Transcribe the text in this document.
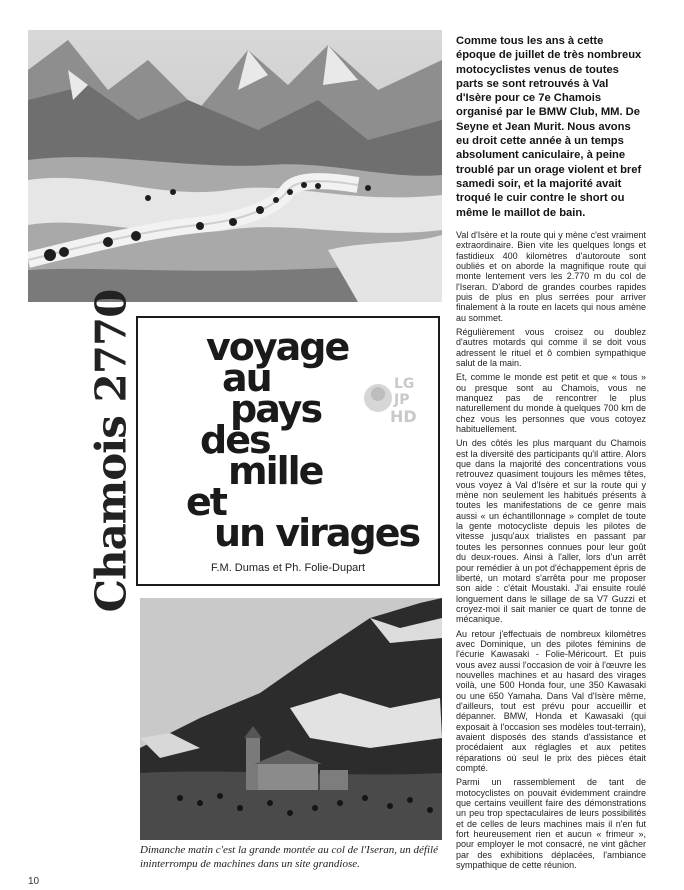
Chamois 2770 voyage
au
pays
des
mille
et
un virages
LG
JP
HD
F.M. Dumas et Ph. Folie-Dupart
Dimanche matin c'est la grande montée au col de l'Iseran, un défilé ininterrompu de machines dans un site grandiose.
10

Comme tous les ans à cette époque de juillet de très nombreux motocyclistes venus de toutes parts se sont retrouvés à Val d'Isère pour ce 7e Chamois organisé par le BMW Club, MM. De Seyne et Jean Murit. Nous avons eu droit cette année à un temps absolument caniculaire, à peine troublé par un orage violent et bref samedi soir, et la majorité avait troqué le cuir contre le short ou même le maillot de bain.

Val d'Isère et la route qui y mène c'est vraiment extraordinaire. Bien vite les quelques longs et fastidieux 400 kilomètres d'autoroute sont oubliés et on aborde la magnifique route qui monte lentement vers les 2.770 m du col de l'Iseran. D'abord de grandes courbes rapides puis de plus en plus serrées pour arriver finalement à la route en lacets qui nous amène au sommet.

Régulièrement vous croisez ou doublez d'autres motards qui comme il se doit vous adressent le rituel et ô combien sympathique salut de la main.

Et, comme le monde est petit et que « tous » ou presque sont au Chamois, vous ne manquez pas de rencontrer le plus naturellement du monde à quelques 700 km de chez vous les personnes que vous cotoyez habituellement.

Un des côtés les plus marquant du Chamois est la diversité des participants qu'il attire. Alors que dans la majorité des concentrations vous retrouvez quasiment toujours les mêmes têtes, vous voyez à Val d'Isère et sur la route qui y mène non seulement les habitués présents à toutes les manifestations de ce genre mais aussi « un échantillonnage » complet de toute la gente motocycliste depuis les pilotes de vitesse jusqu'aux trialistes en passant par toutes les personnes connues pour leur goût du deux-roues. Ainsi à l'aller, lors d'un arrêt pour remédier à un pot d'échappement épris de liberté, un motard s'arrêta pour me proposer son aide : c'était Moustaki. J'ai ensuite roulé longuement dans le sillage de sa V7 Guzzi et croyez-moi il sait manier ce quart de tonne de mécanique.

Au retour j'effectuais de nombreux kilomètres avec Dominique, un des pilotes féminins de l'écurie Kawasaki - Folie-Méricourt. Et puis vous avez aussi l'occasion de voir à l'œuvre les nouvelles machines et au hasard des virages voilà, une 500 Honda four, une 350 Kawasaki ou une 650 Yamaha. Dans Val d'Isère même, d'ailleurs, tout est prévu pour accueillir et dépanner. BMW, Honda et Kawasaki (qui exposait à l'occasion ses modèles tout-terrain), avaient disposés des stands d'assistance et procédaient aux réglagles et aux petites réparations où seul le prix des pièces était compté.

Parmi un rassemblement de tant de motocyclistes on pouvait évidemment craindre que certains veuillent faire des démonstrations un peu trop spectaculaires de leurs possibilités et de celles de leurs machines mais il n'en fut fort heureusement rien et aucun « frimeur », pour employer le mot consacré, ne vint gâcher par des exhibitions déplacées, l'ambiance sympathique de cette réunion.
